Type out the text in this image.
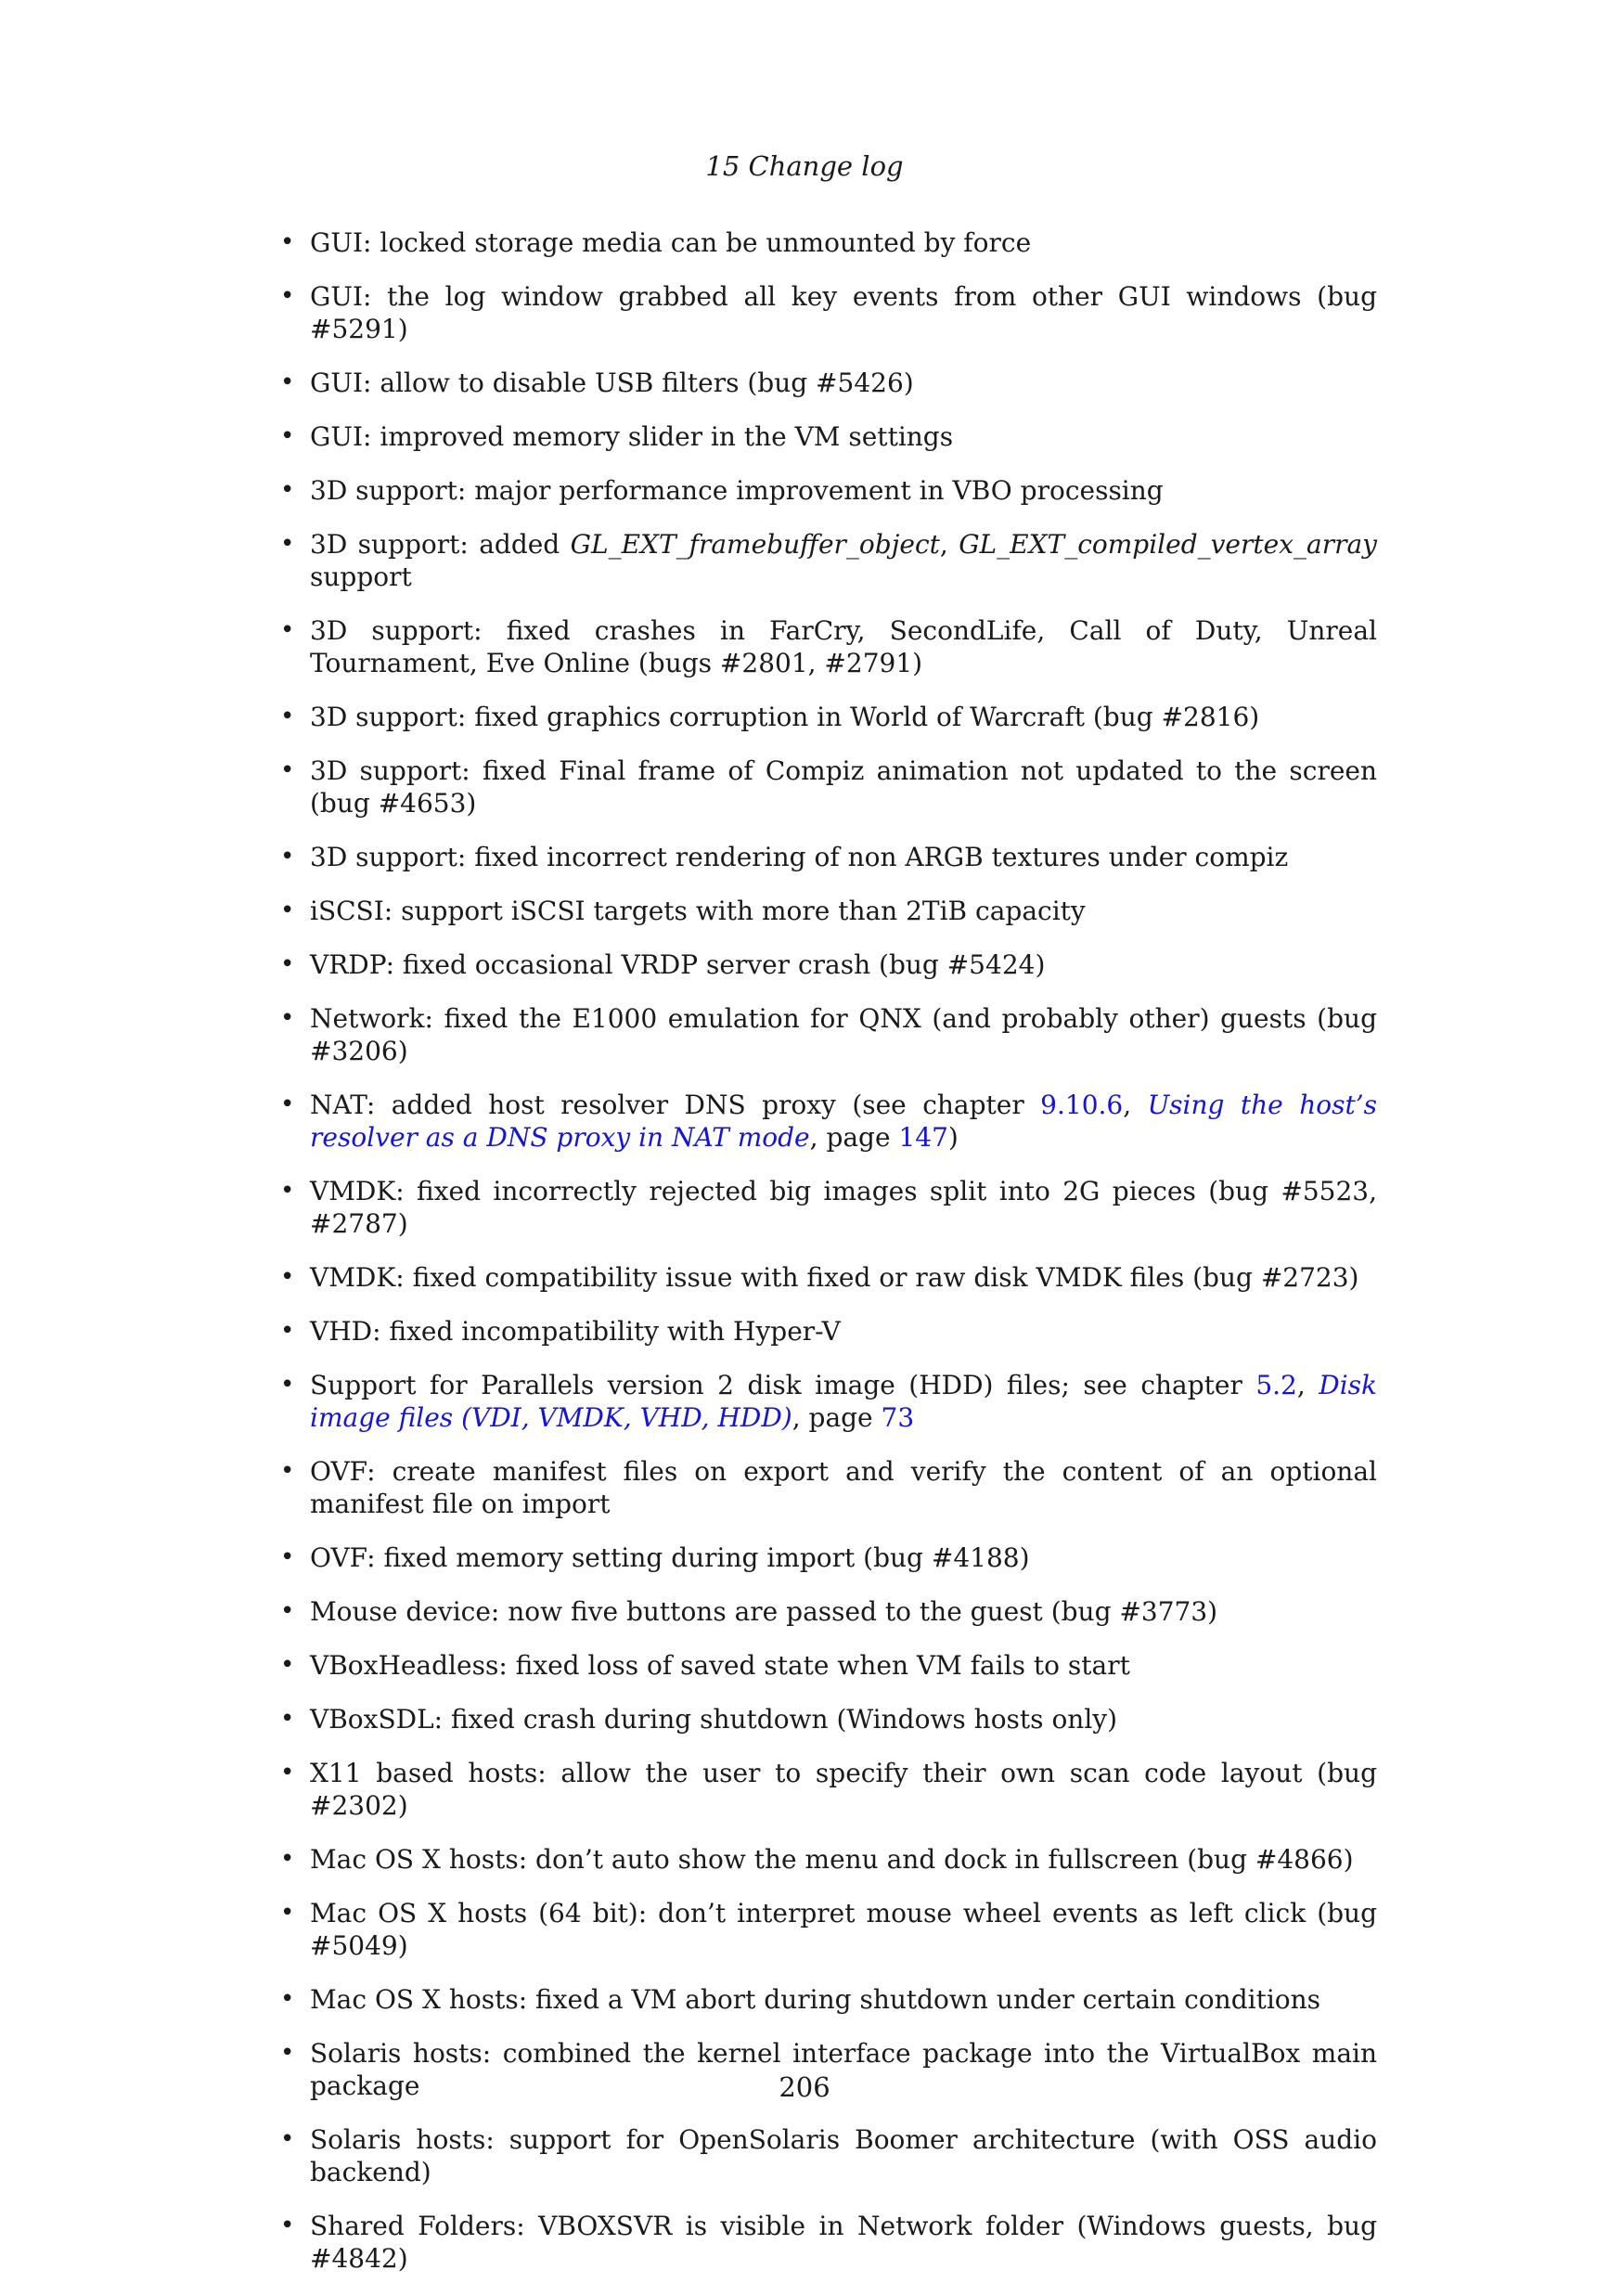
15 Change log
• GUI: locked storage media can be unmounted by force
• GUI: the log window grabbed all key events from other GUI windows (bug #5291)
• GUI: allow to disable USB filters (bug #5426)
• GUI: improved memory slider in the VM settings
• 3D support: major performance improvement in VBO processing
• 3D support: added GL_EXT_framebuffer_object, GL_EXT_compiled_vertex_array support
• 3D support: fixed crashes in FarCry, SecondLife, Call of Duty, Unreal Tournament, Eve Online (bugs #2801, #2791)
• 3D support: fixed graphics corruption in World of Warcraft (bug #2816)
• 3D support: fixed Final frame of Compiz animation not updated to the screen (bug #4653)
• 3D support: fixed incorrect rendering of non ARGB textures under compiz
• iSCSI: support iSCSI targets with more than 2TiB capacity
• VRDP: fixed occasional VRDP server crash (bug #5424)
• Network: fixed the E1000 emulation for QNX (and probably other) guests (bug #3206)
• NAT: added host resolver DNS proxy (see chapter 9.10.6, Using the host’s resolver as a DNS proxy in NAT mode, page 147)
• VMDK: fixed incorrectly rejected big images split into 2G pieces (bug #5523, #2787)
• VMDK: fixed compatibility issue with fixed or raw disk VMDK files (bug #2723)
• VHD: fixed incompatibility with Hyper-V
• Support for Parallels version 2 disk image (HDD) files; see chapter 5.2, Disk image files (VDI, VMDK, VHD, HDD), page 73
• OVF: create manifest files on export and verify the content of an optional manifest file on import
• OVF: fixed memory setting during import (bug #4188)
• Mouse device: now five buttons are passed to the guest (bug #3773)
• VBoxHeadless: fixed loss of saved state when VM fails to start
• VBoxSDL: fixed crash during shutdown (Windows hosts only)
• X11 based hosts: allow the user to specify their own scan code layout (bug #2302)
• Mac OS X hosts: don’t auto show the menu and dock in fullscreen (bug #4866)
• Mac OS X hosts (64 bit): don’t interpret mouse wheel events as left click (bug #5049)
• Mac OS X hosts: fixed a VM abort during shutdown under certain conditions
• Solaris hosts: combined the kernel interface package into the VirtualBox main package
• Solaris hosts: support for OpenSolaris Boomer architecture (with OSS audio backend)
• Shared Folders: VBOXSVR is visible in Network folder (Windows guests, bug #4842)
206
